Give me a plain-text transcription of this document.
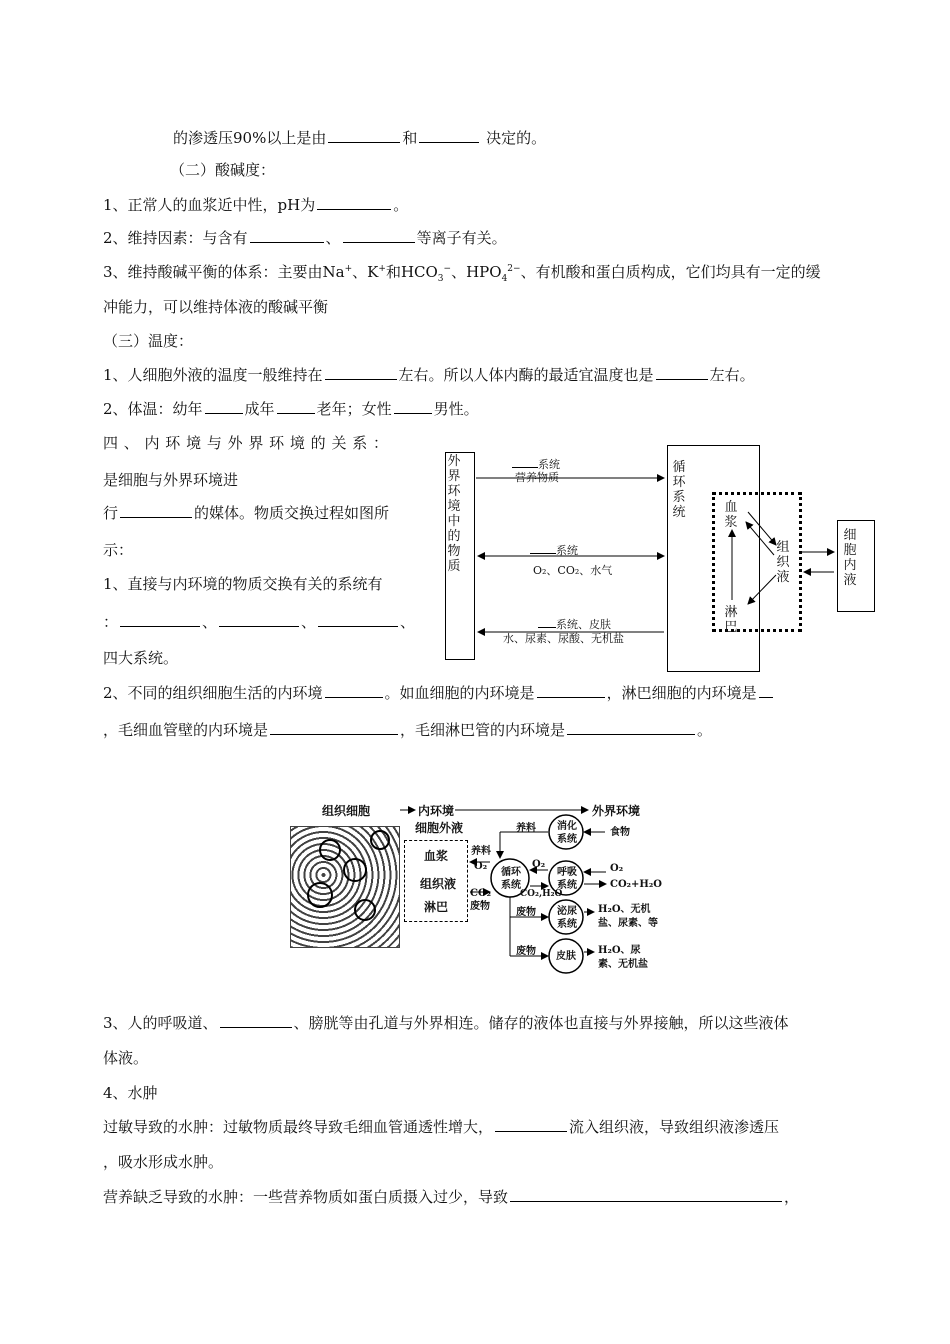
的渗透压90%以上是由	和	决定的。
（二）酸碱度：
1、正常人的血浆近中性，pH为	。
2、维持因素：与含有	、	等离子有关。
3、维持酸碱平衡的体系：主要由Na+、K+和$HCO_3^-$、$HPO_4^{2-}$、有机酸和蛋白质构成，它们均具有一定的缓
冲能力，可以维持体液的酸碱平衡
（三）温度：
1、人细胞外液的温度一般维持在	左右。所以人体内酶的最适宜温度也是	左右。
2、体温：幼年	成年	老年；女性	男性。
四 、 内 环 境 与 外 界 环 境 的 关 系 ：
是细胞与外界环境进
行	的媒体。物质交换过程如图所
示：
1、直接与内环境的物质交换有关的系统有
：	、	、	、
四大系统。
外界环境中的物质
循环系统
细胞内液
血浆
组织液
淋巴
系统
营养物质
系统
O₂、CO₂、水气
系统、皮肤
水、尿素、尿酸、无机盐
2、不同的组织细胞生活的内环境	。如血细胞的内环境是	，淋巴细胞的内环境是
，毛细血管壁的内环境是	，毛细淋巴管的内环境是	。
组织细胞	内环境	外界环境
细胞外液
血浆
组织液
淋巴
养料
O₂
CO₂
废物
循环系统
养料 消化系统
食物
O₂
CO₂,H₂O
呼吸系统
O₂
CO₂+H₂O
废物 泌尿系统
H₂O、无机盐、尿素、等
废物 皮肤
H₂O、尿素、无机盐
3、人的呼吸道、	、膀胱等由孔道与外界相连。储存的液体也直接与外界接触，所以这些液体
体液。
4、水肿
过敏导致的水肿：过敏物质最终导致毛细血管通透性增大，	流入组织液，导致组织液渗透压
，吸水形成水肿。
营养缺乏导致的水肿：一些营养物质如蛋白质摄入过少，导致	，
